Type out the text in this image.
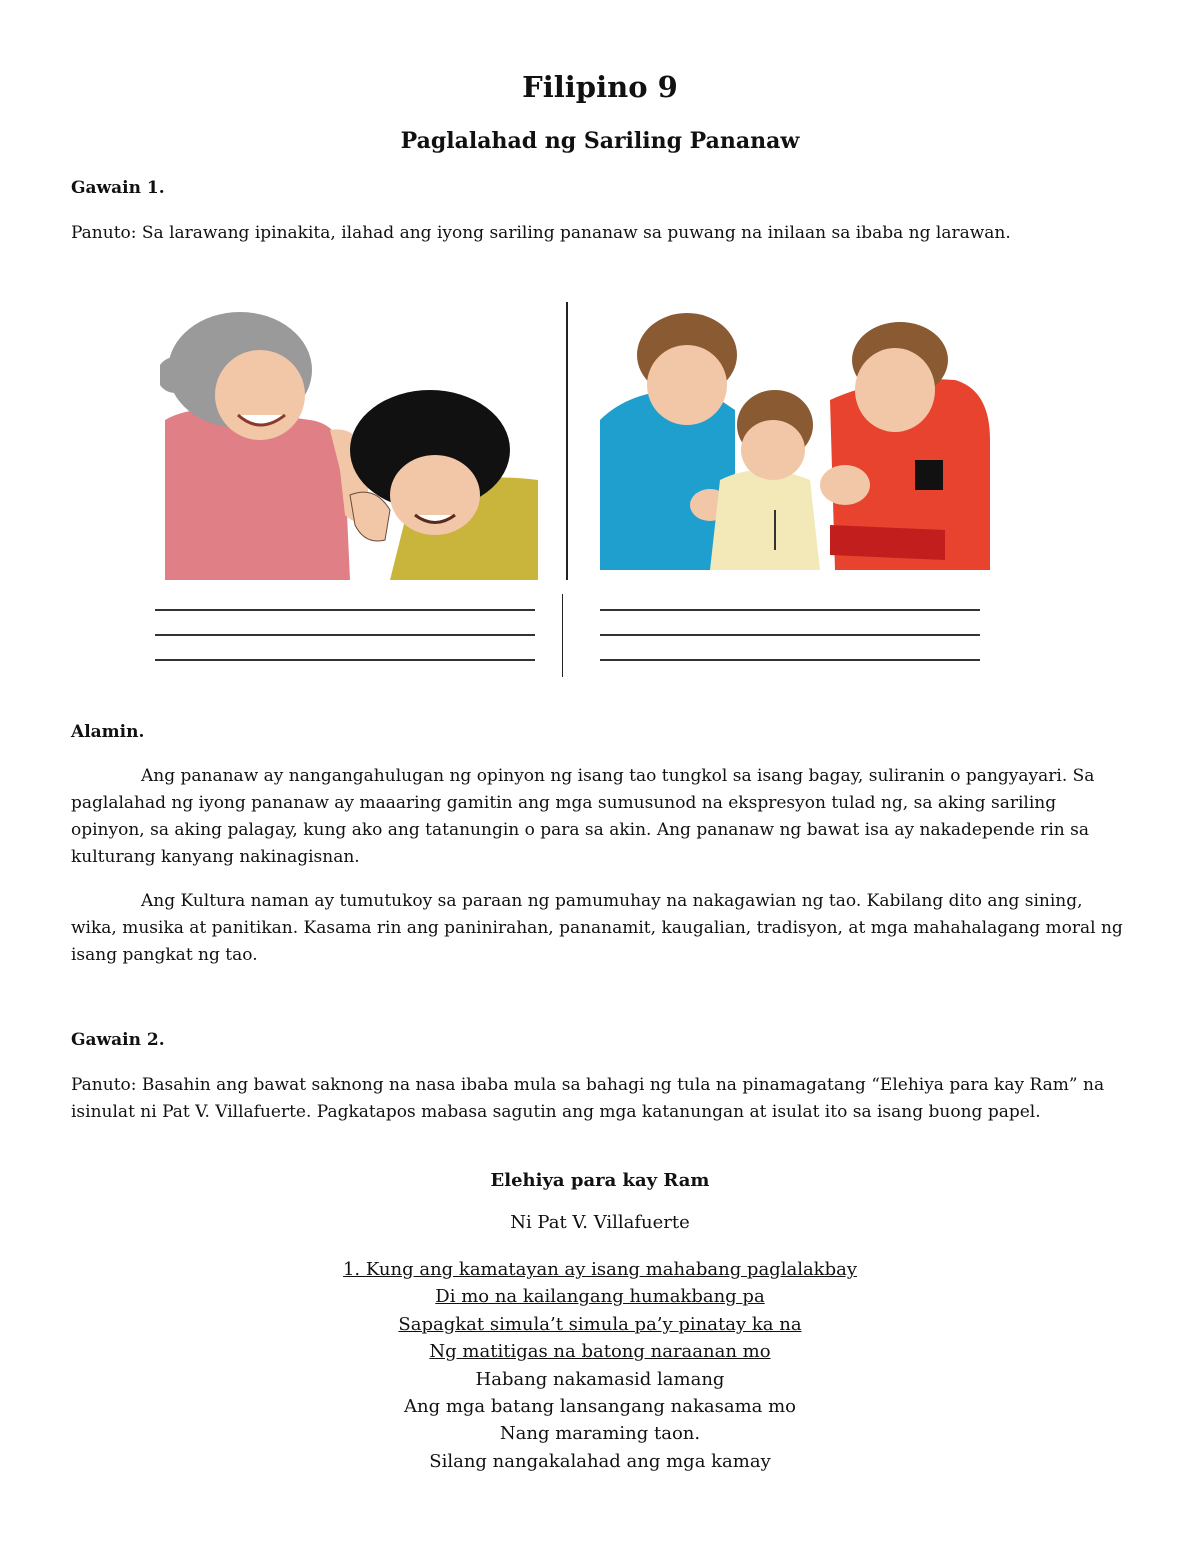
Filipino 9
Paglalahad ng Sariling Pananaw
Gawain 1.
Panuto: Sa larawang ipinakita, ilahad ang iyong sariling pananaw sa puwang na inilaan sa ibaba ng larawan.
Alamin.
Ang pananaw ay nangangahulugan ng opinyon ng isang tao tungkol sa isang bagay, suliranin o pangyayari. Sa paglalahad ng iyong pananaw ay maaaring gamitin ang mga sumusunod na ekspresyon tulad ng, sa aking sariling opinyon, sa aking palagay, kung ako ang tatanungin o para sa akin. Ang pananaw ng bawat isa ay nakadepende rin sa kulturang kanyang nakinagisnan.
Ang Kultura naman ay tumutukoy sa paraan ng pamumuhay na nakagawian ng tao. Kabilang dito ang sining, wika, musika at panitikan. Kasama rin ang paninirahan, pananamit, kaugalian, tradisyon, at mga mahahalagang moral ng isang pangkat ng tao.
Gawain 2.
Panuto: Basahin ang bawat saknong na nasa ibaba mula sa bahagi ng tula na pinamagatang “Elehiya para kay Ram” na isinulat ni Pat V. Villafuerte. Pagkatapos mabasa sagutin ang mga katanungan at isulat ito sa isang buong papel.
Elehiya para kay Ram
Ni Pat V. Villafuerte
1. Kung ang kamatayan ay isang mahabang paglalakbay
Di mo na kailangang humakbang pa
Sapagkat simula’t simula pa’y pinatay ka na
Ng matitigas na batong naraanan mo
Habang nakamasid lamang
Ang mga batang lansangang nakasama mo
Nang maraming taon.
Silang nangakalahad ang mga kamay
